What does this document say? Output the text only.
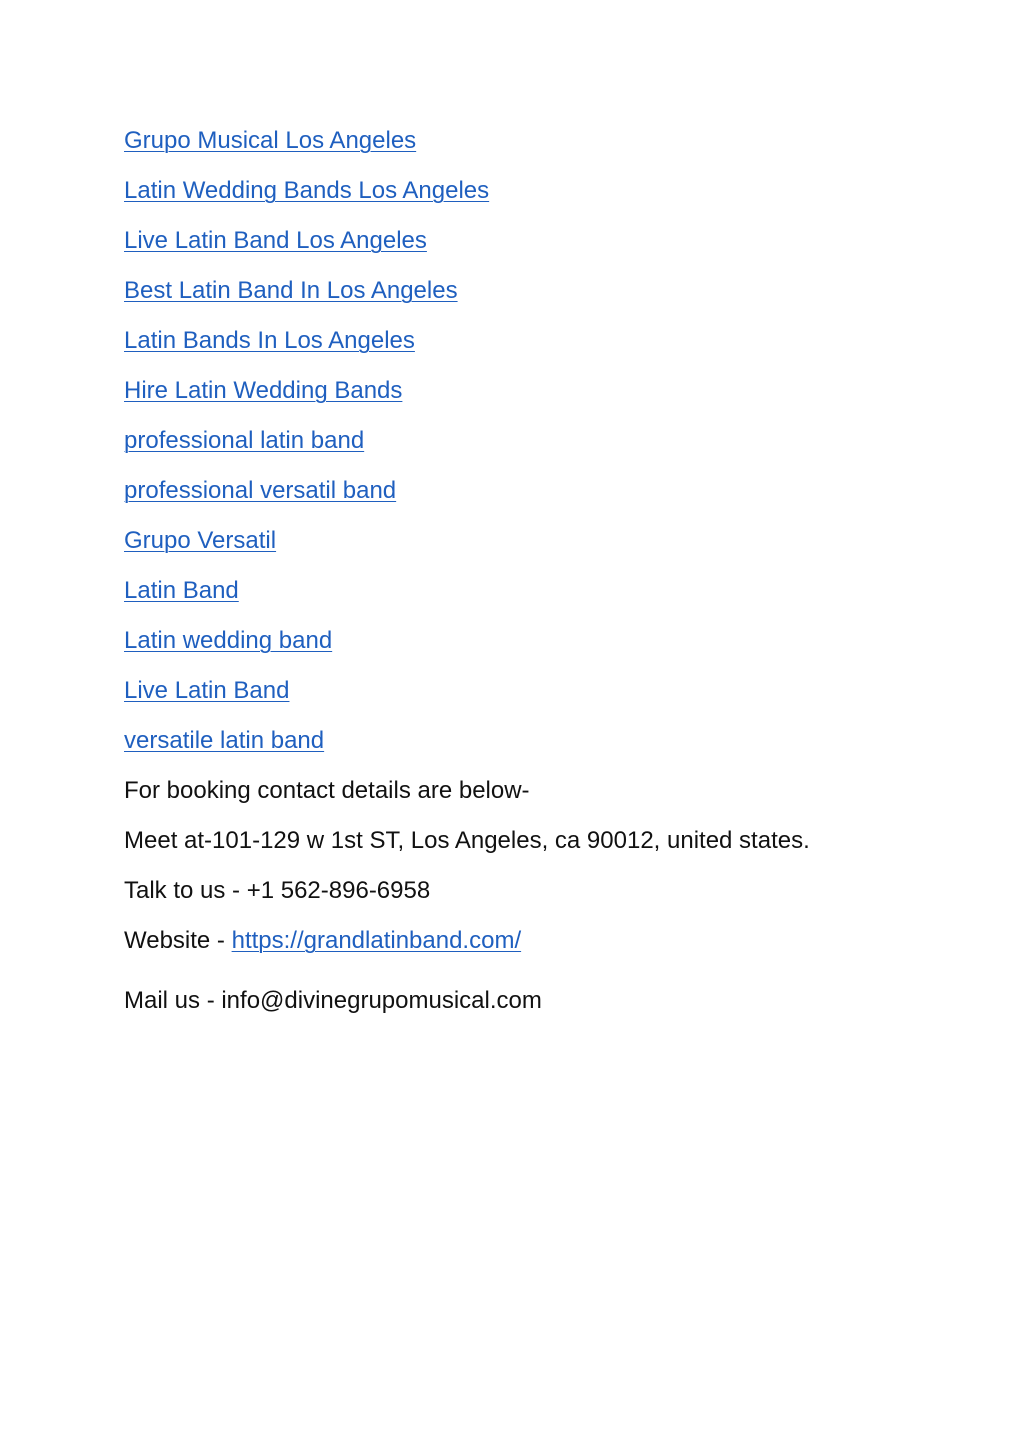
Grupo Musical Los Angeles
Latin Wedding Bands Los Angeles
Live Latin Band Los Angeles
Best Latin Band In Los Angeles
Latin Bands In Los Angeles
Hire Latin Wedding Bands
professional latin band
professional versatil band
Grupo Versatil
Latin Band
Latin wedding band
Live Latin Band
versatile latin band

For booking contact details are below-

Meet at-101-129 w 1st ST, Los Angeles, ca 90012, united states.

Talk to us - +1 562-896-6958

Website - https://grandlatinband.com/

Mail us - info@divinegrupomusical.com
